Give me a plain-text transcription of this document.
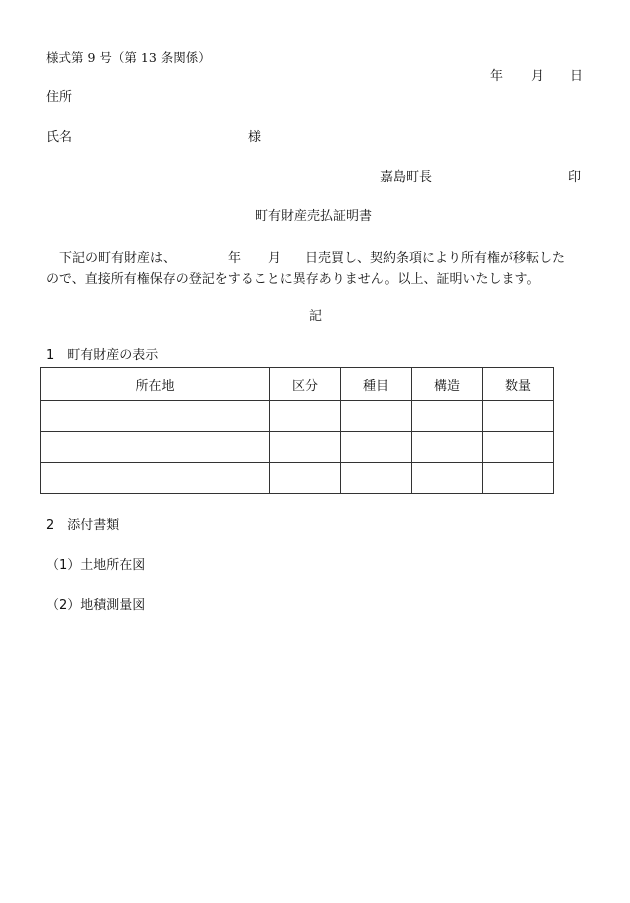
様式第 9 号（第 13 条関係）
年 月 日
住所
氏名	様
嘉島町長	印
町有財産売払証明書
下記の町有財産は、	年 月 日売買し、契約条項により所有権が移転した
ので、直接所有権保存の登記をすることに異存ありません。以上、証明いたします。
記
1　町有財産の表示
所在地	区分	種目	構造	数量

2　添付書類
（1）土地所在図
（2）地積測量図
